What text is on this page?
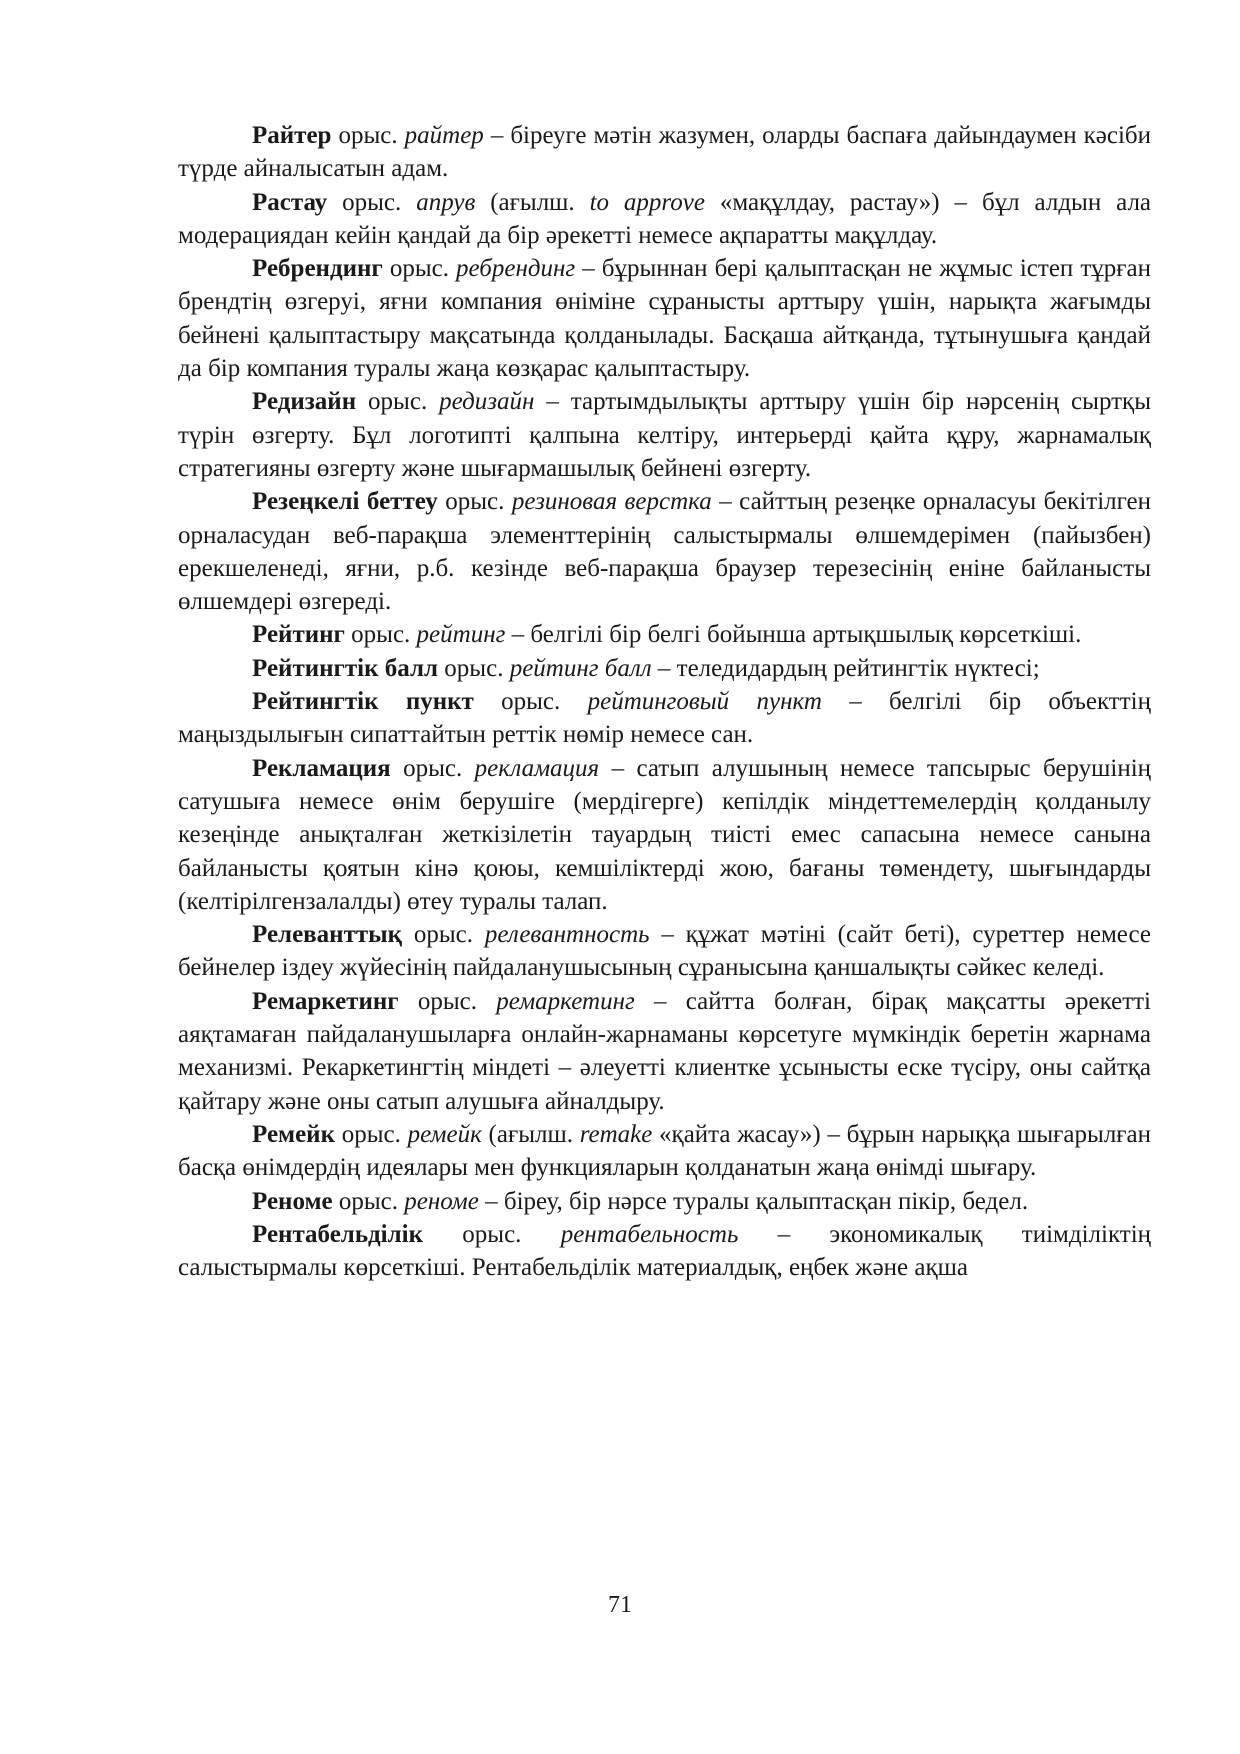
Райтер орыс. райтер – біреуге мәтін жазумен, оларды баспаға дайындаумен кәсіби түрде айналысатын адам.

Растау орыс. апрув (ағылш. to approve «мақұлдау, растау») – бұл алдын ала модерациядан кейін қандай да бір әрекетті немесе ақпаратты мақұлдау.

Ребрендинг орыс. ребрендинг – бұрыннан бері қалыптасқан не жұмыс істеп тұрған брендтің өзгеруі, яғни компания өніміне сұранысты арттыру үшін, нарықта жағымды бейнені қалыптастыру мақсатында қолданылады. Басқаша айтқанда, тұтынушыға қандай да бір компания туралы жаңа көзқарас қалыптастыру.

Редизайн орыс. редизайн – тартымдылықты арттыру үшін бір нәрсенің сыртқы түрін өзгерту. Бұл логотипті қалпына келтіру, интерьерді қайта құру, жарнамалық стратегияны өзгерту және шығармашылық бейнені өзгерту.

Резеңкелі беттеу орыс. резиновая верстка – сайттың резеңке орналасуы бекітілген орналасудан веб-парақша элементтерінің салыстырмалы өлшемдерімен (пайызбен) ерекшеленеді, яғни, р.б. кезінде веб-парақша браузер терезесінің еніне байланысты өлшемдері өзгереді.

Рейтинг орыс. рейтинг – белгілі бір белгі бойынша артықшылық көрсеткіші.

Рейтингтік балл орыс. рейтинг балл – теледидардың рейтингтік нүктесі;

Рейтингтік пункт орыс. рейтинговый пункт – белгілі бір объекттің маңыздылығын сипаттайтын реттік нөмір немесе сан.

Рекламация орыс. рекламация – сатып алушының немесе тапсырыс берушінің сатушыға немесе өнім берушіге (мердігерге) кепілдік міндеттемелердің қолданылу кезеңінде анықталған жеткізілетін тауардың тиісті емес сапасына немесе санына байланысты қоятын кінә қоюы, кемшіліктерді жою, бағаны төмендету, шығындарды (келтірілгензалалды) өтеу туралы талап.

Релеванттық орыс. релевантность – құжат мәтіні (сайт беті), суреттер немесе бейнелер іздеу жүйесінің пайдаланушысының сұранысына қаншалықты сәйкес келеді.

Ремаркетинг орыс. ремаркетинг – сайтта болған, бірақ мақсатты әрекетті аяқтамаған пайдаланушыларға онлайн-жарнаманы көрсетуге мүмкіндік беретін жарнама механизмі. Рекаркетингтің міндеті – әлеуетті клиентке ұсынысты еске түсіру, оны сайтқа қайтару және оны сатып алушыға айналдыру.

Ремейк орыс. ремейк (ағылш. remake «қайта жасау») – бұрын нарыққа шығарылған басқа өнімдердің идеялары мен функцияларын қолданатын жаңа өнімді шығару.

Реноме орыс. реноме – біреу, бір нәрсе туралы қалыптасқан пікір, бедел.

Рентабельділік орыс. рентабельность – экономикалық тиімділіктің салыстырмалы көрсеткіші. Рентабельділік материалдық, еңбек және ақша

71
